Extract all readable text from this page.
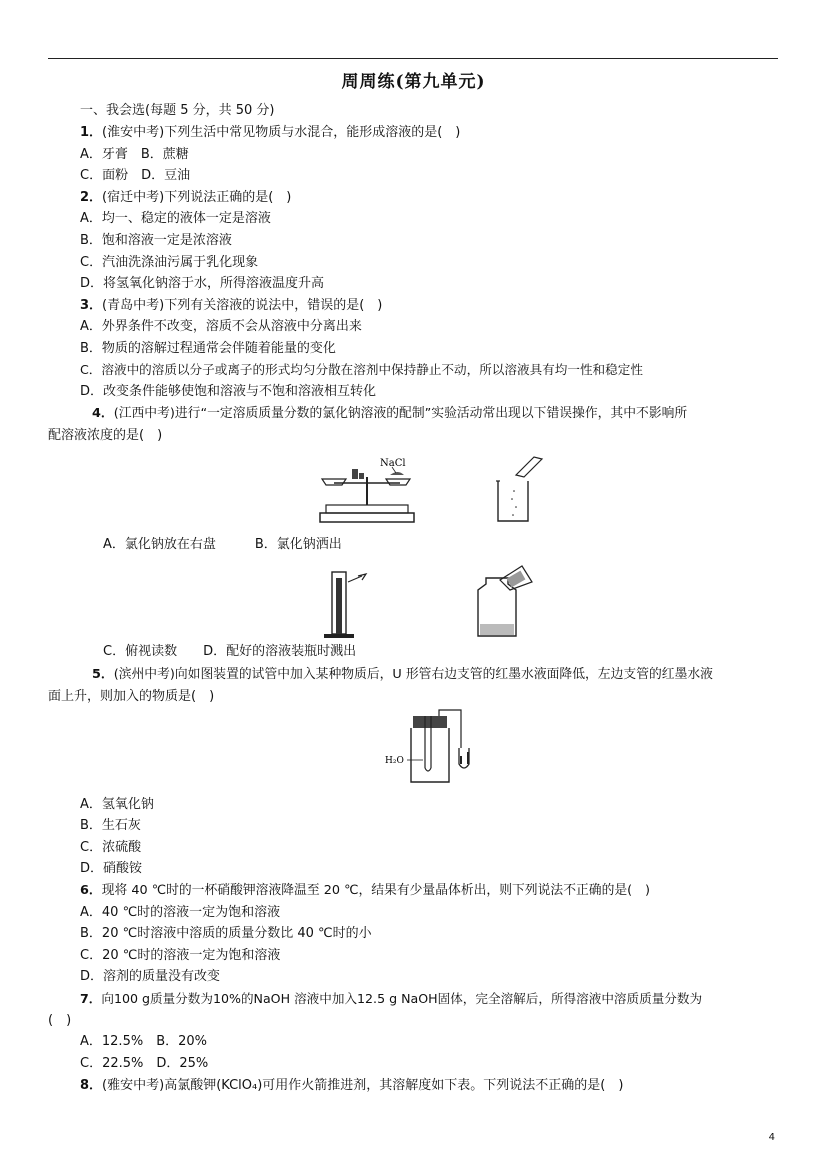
周周练(第九单元)
一、我会选(每题 5 分，共 50 分)
1．(淮安中考)下列生活中常见物质与水混合，能形成溶液的是(　)
A．牙膏　B．蔗糖
C．面粉　D．豆油
2．(宿迁中考)下列说法正确的是(　)
A．均一、稳定的液体一定是溶液
B．饱和溶液一定是浓溶液
C．汽油洗涤油污属于乳化现象
D．将氢氧化钠溶于水，所得溶液温度升高
3．(青岛中考)下列有关溶液的说法中，错误的是(　)
A．外界条件不改变，溶质不会从溶液中分离出来
B．物质的溶解过程通常会伴随着能量的变化
C．溶液中的溶质以分子或离子的形式均匀分散在溶剂中保持静止不动，所以溶液具有均一性和稳定性
D．改变条件能够使饱和溶液与不饱和溶液相互转化
4．(江西中考)进行“一定溶质质量分数的氯化钠溶液的配制”实验活动常出现以下错误操作，其中不影响所
配溶液浓度的是(　)
NaCl
A．氯化钠放在右盘　　　B．氯化钠洒出
C．俯视读数　　D．配好的溶液装瓶时溅出
5．(滨州中考)向如图装置的试管中加入某种物质后，U 形管右边支管的红墨水液面降低，左边支管的红墨水液
面上升，则加入的物质是(　)
H₂O
A．氢氧化钠
B．生石灰
C．浓硫酸
D．硝酸铵
6．现将 40 ℃时的一杯硝酸钾溶液降温至 20 ℃，结果有少量晶体析出，则下列说法不正确的是(　)
A．40 ℃时的溶液一定为饱和溶液
B．20 ℃时溶液中溶质的质量分数比 40 ℃时的小
C．20 ℃时的溶液一定为饱和溶液
D．溶剂的质量没有改变
7．向100 g质量分数为10%的NaOH 溶液中加入12.5 g NaOH固体，完全溶解后，所得溶液中溶质质量分数为
(　)
A．12.5%　B．20%
C．22.5%　D．25%
8．(雅安中考)高氯酸钾(KClO₄)可用作火箭推进剂，其溶解度如下表。下列说法不正确的是(　)
4
